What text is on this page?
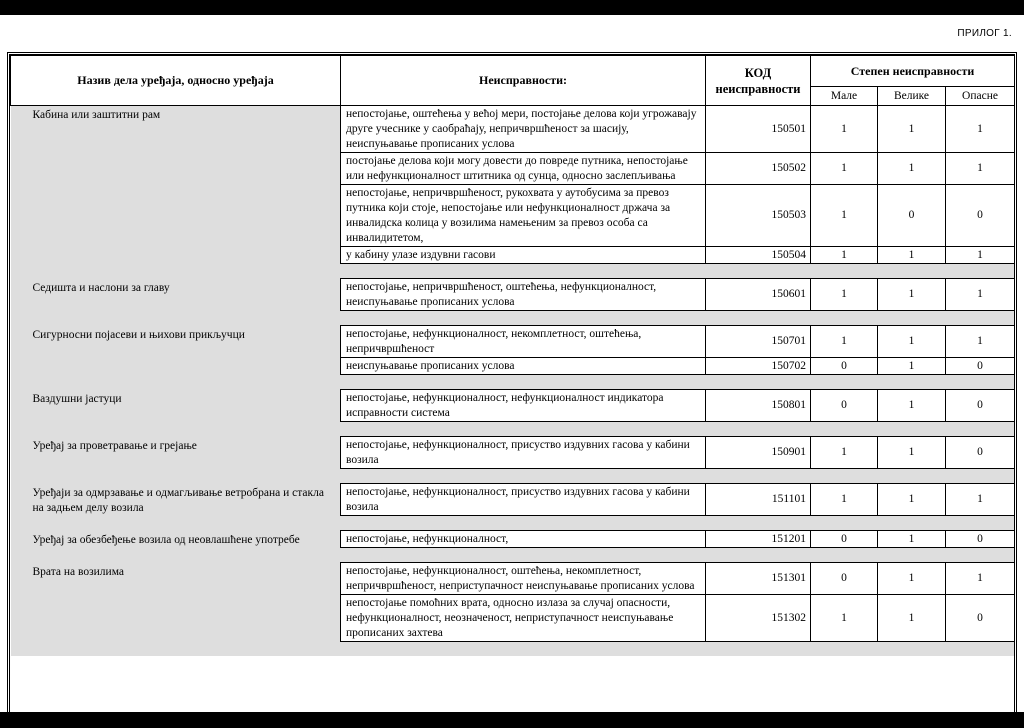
ПРИЛОГ 1.
Назив дела уређаја, односно уређаја	Неисправности:	КОД
неисправности	Степен неисправности		
			Мале	Велике	Опасне
Кабина или заштитни рам	непостојање, оштећења у већој мери, постојање делова који угрожавају друге учеснике у саобраћају, непричвршћеност за шасију, неиспуњавање прописаних услова	150501	1	1	1
	постојање делова који могу довести до повреде путника, непостојање или нефункционалност штитника од сунца, односно заслепљивања	150502	1	1	1
	непостојање, непричвршћеност, рукохвата у аутобусима за превоз путника који стоје, непостојање или нефункционалност држача за инвалидска колица у возилима намењеним за превоз особа са инвалидитетом,	150503	1	0	0
	у кабину улазе издувни гасови	150504	1	1	1

Седишта и наслони за главу	непостојање, непричвршћеност, оштећења, нефункционалност, неиспуњавање прописаних услова	150601	1	1	1

Сигурносни појасеви и њихови прикључци	непостојање, нефункционалност, некомплетност, оштећења, непричвршћеност	150701	1	1	1
	неиспуњавање прописаних услова	150702	0	1	0

Ваздушни јастуци	непостојање, нефункционалност, нефункционалност индикатора исправности система	150801	0	1	0

Уређај за проветравање и грејање	непостојање, нефункционалност, присуство издувних гасова у кабини возила	150901	1	1	0

Уређаји за одмрзавање и одмагљивање ветробрана и стакла на задњем делу возила	непостојање, нефункционалност, присуство издувних гасова у кабини возила	151101	1	1	1

Уређај за обезбеђење возила од неовлашћене употребе	непостојање, нефункционалност,	151201	0	1	0

Врата на возилима	непостојање, нефункционалност, оштећења, некомплетност, непричвршћеност, неприступачност неиспуњавање прописаних услова	151301	0	1	1
	непостојање помоћних врата, односно излаза за случај опасности, нефункционалност, неозначеност, неприступачност неиспуњавање прописаних захтева	151302	1	1	0
